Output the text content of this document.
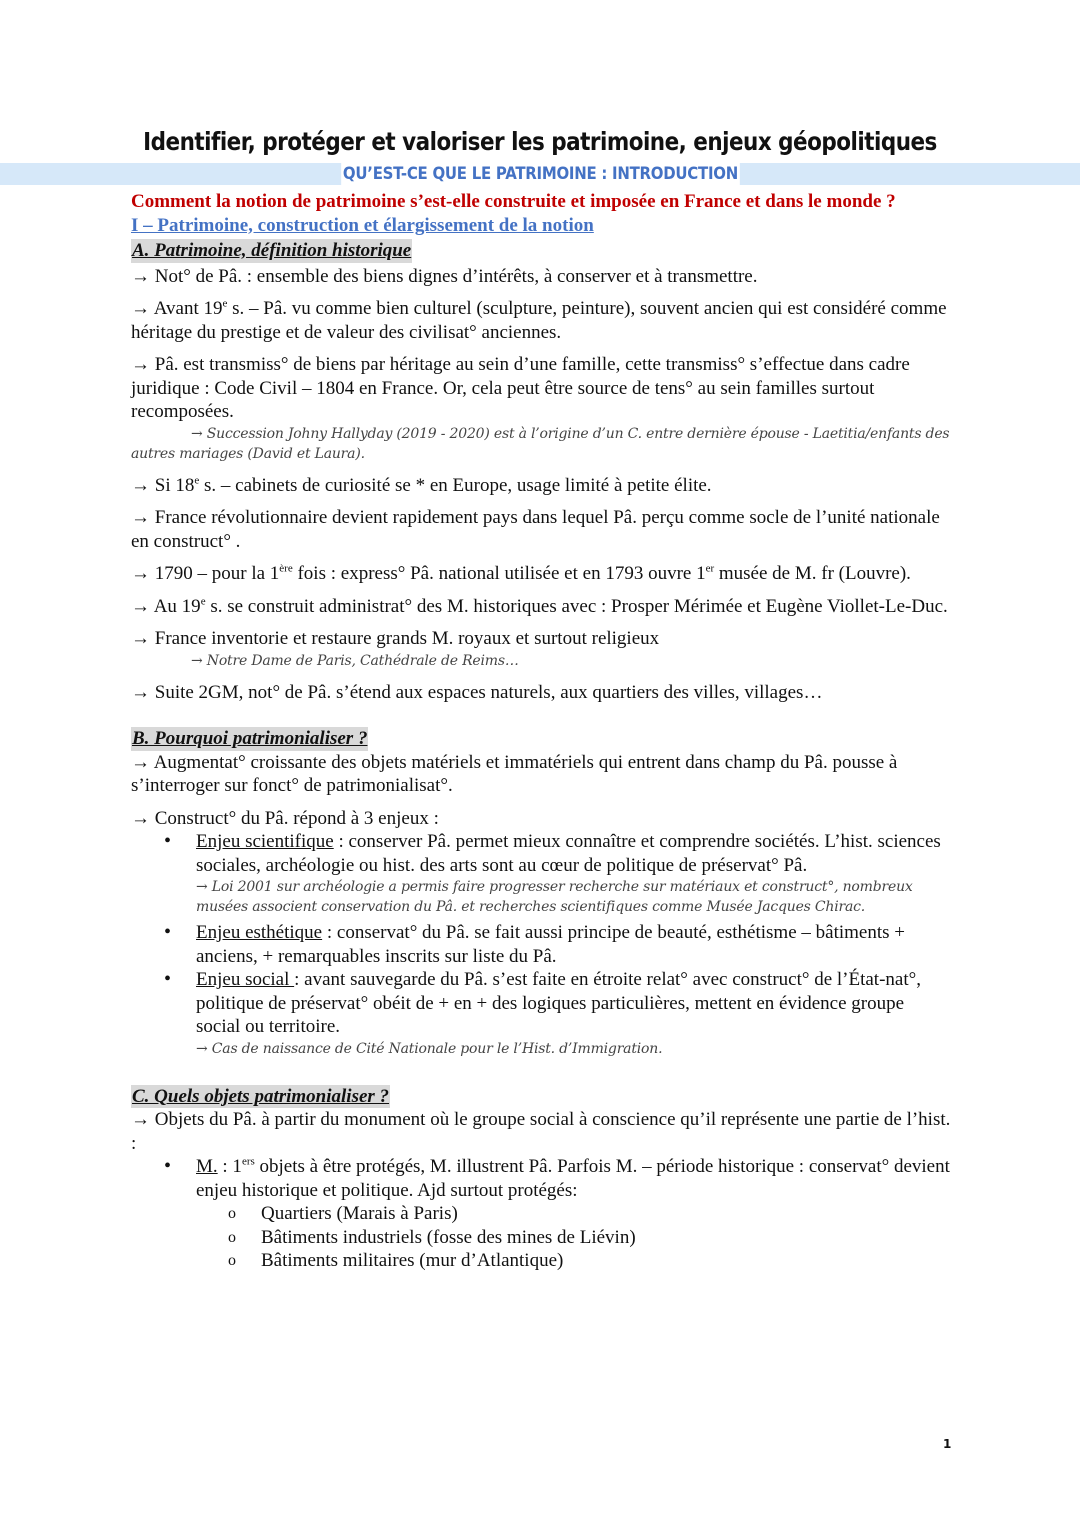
Identifier, protéger et valoriser les patrimoine, enjeux géopolitiques
QU’EST-CE QUE LE PATRIMOINE : INTRODUCTION

Comment la notion de patrimoine s’est-elle construite et imposée en France et dans le monde ?

I – Patrimoine, construction et élargissement de la notion

A. Patrimoine, définition historique

→ Not° de Pâ. : ensemble des biens dignes d’intérêts, à conserver et à transmettre.

→ Avant 19e s. – Pâ. vu comme bien culturel (sculpture, peinture), souvent ancien qui est considéré comme héritage du prestige et de valeur des civilisat° anciennes.

→ Pâ. est transmiss° de biens par héritage au sein d’une famille, cette transmiss° s’effectue dans cadre juridique : Code Civil – 1804 en France. Or, cela peut être source de tens° au sein familles surtout recomposées.

→ Succession Johny Hallyday (2019 - 2020) est à l’origine d’un C. entre dernière épouse - Laetitia/enfants des autres mariages (David et Laura).

→ Si 18e s. – cabinets de curiosité se * en Europe, usage limité à petite élite.

→ France révolutionnaire devient rapidement pays dans lequel Pâ. perçu comme socle de l’unité nationale en construct° .

→ 1790 – pour la 1ère fois : express° Pâ. national utilisée et en 1793 ouvre 1er musée de M. fr (Louvre).

→ Au 19e s. se construit administrat° des M. historiques avec : Prosper Mérimée et Eugène Viollet-Le-Duc.

→ France inventorie et restaure grands M. royaux et surtout religieux

→ Notre Dame de Paris, Cathédrale de Reims…

→ Suite 2GM, not° de Pâ. s’étend aux espaces naturels, aux quartiers des villes, villages…

B. Pourquoi patrimonialiser ?

→ Augmentat° croissante des objets matériels et immatériels qui entrent dans champ du Pâ. pousse à s’interroger sur fonct° de patrimonialisat°.

→ Construct° du Pâ. répond à 3 enjeux :

• Enjeu scientifique : conserver Pâ. permet mieux connaître et comprendre sociétés. L’hist. sciences sociales, archéologie ou hist. des arts sont au cœur de politique de préservat° Pâ.
→ Loi 2001 sur archéologie a permis faire progresser recherche sur matériaux et construct°, nombreux musées associent conservation du Pâ. et recherches scientifiques comme Musée Jacques Chirac.
• Enjeu esthétique : conservat° du Pâ. se fait aussi principe de beauté, esthétisme – bâtiments + anciens, + remarquables inscrits sur liste du Pâ.
• Enjeu social : avant sauvegarde du Pâ. s’est faite en étroite relat° avec construct° de l’État-nat°, politique de préservat° obéit de + en + des logiques particulières, mettent en évidence groupe social ou territoire.
→ Cas de naissance de Cité Nationale pour le l’Hist. d’Immigration.
C. Quels objets patrimonialiser ?

→ Objets du Pâ. à partir du monument où le groupe social à conscience qu’il représente une partie de l’hist. :

• M. : 1ers objets à être protégés, M. illustrent Pâ. Parfois M. – période historique : conservat° devient enjeu historique et politique. Ajd surtout protégés:
o Quartiers (Marais à Paris)
o Bâtiments industriels (fosse des mines de Liévin)
o Bâtiments militaires (mur d’Atlantique)
1
